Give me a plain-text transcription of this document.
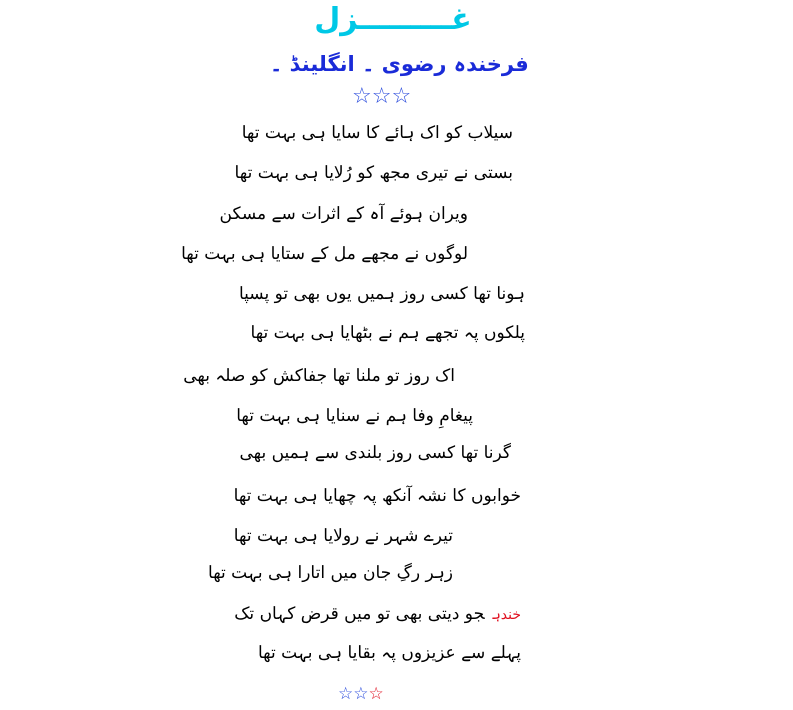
غـــــــــزل
فرخندہ رضوی ۔ انگلینڈ ۔
☆☆☆
سیلاب کو اک ہائے کا سایا ہی بہت تھا
بستی نے تیری مجھ کو رُلایا ہی بہت تھا
ویران ہوئے آہ کے اثرات سے مسکن
لوگوں نے مجھے مل کے ستایا ہی بہت تھا
ہونا تھا کسی روز ہمیں یوں بھی تو پسپا
پلکوں پہ تجھے ہم نے بٹھایا ہی بہت تھا
اک روز تو ملنا تھا جفاکش کو صلہ بھی
پیغامِ وفا ہم نے سنایا ہی بہت تھا
گرنا تھا کسی روز بلندی سے ہمیں بھی
خوابوں کا نشہ آنکھ پہ چھایا ہی بہت تھا
تیرے شہر نے رولایا ہی بہت تھا
زہر رگِ جان میں اتارا ہی بہت تھا
خندہجو دیتی بھی تو میں قرض کہاں تک
پہلے سے عزیزوں پہ بقایا ہی بہت تھا
☆☆☆
